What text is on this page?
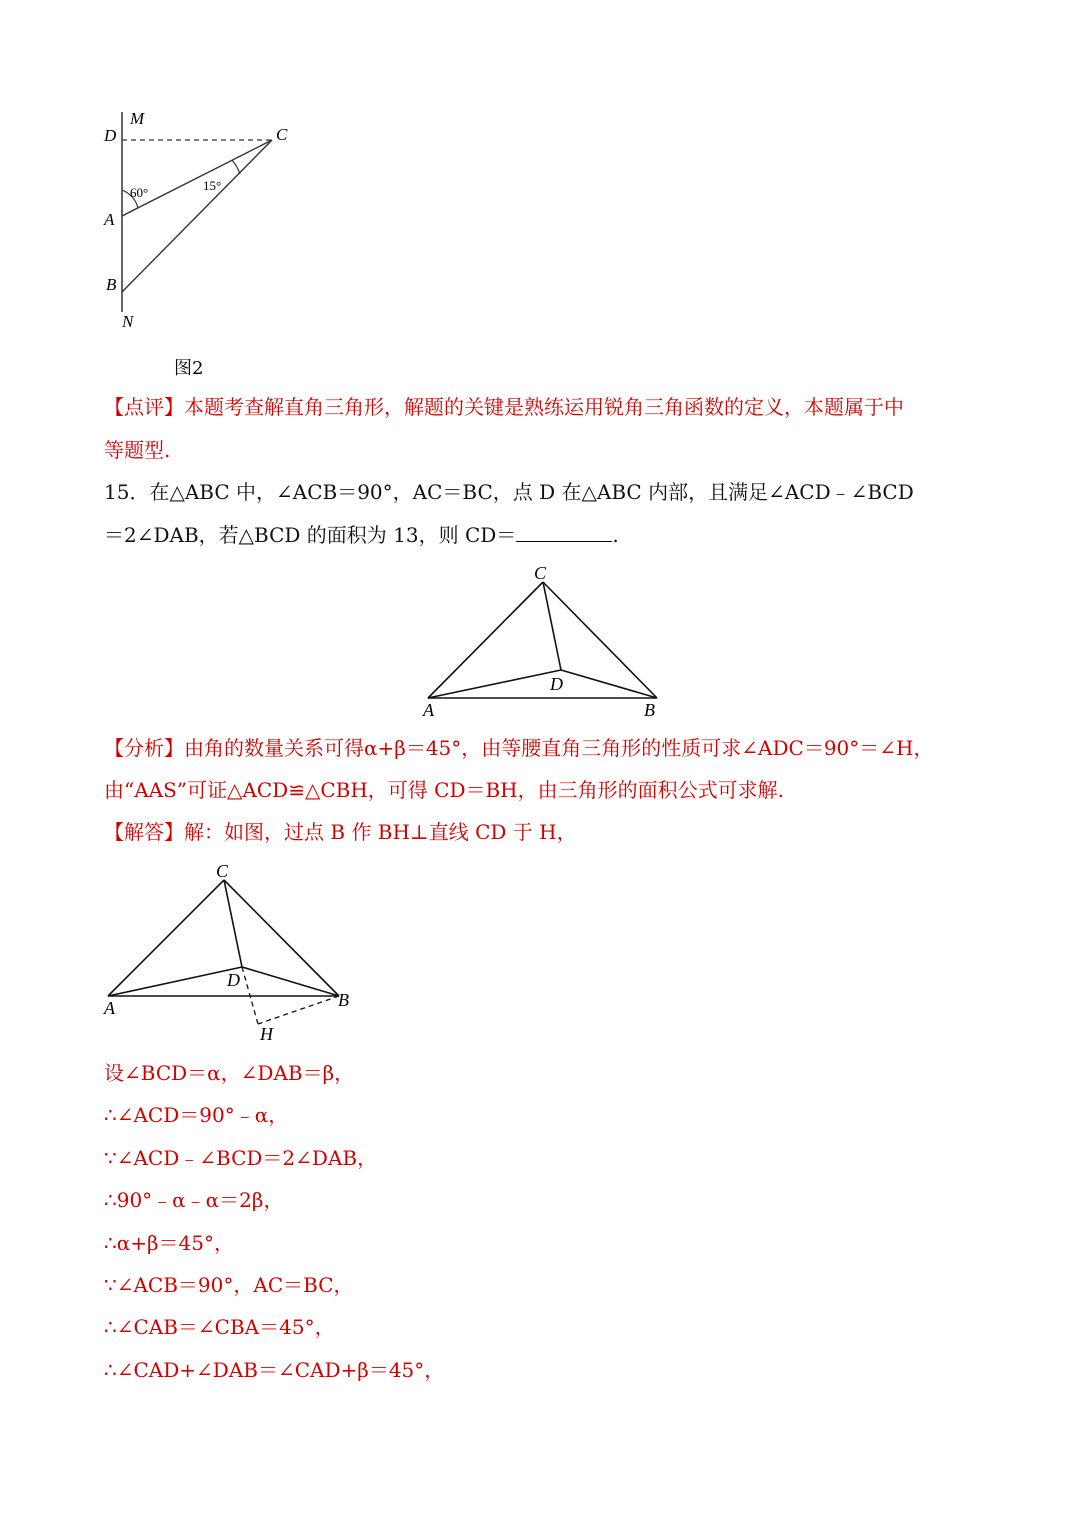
M
D	C
A
B
N
60°	15°
图2
【点评】本题考查解直角三角形，解题的关键是熟练运用锐角三角函数的定义，本题属于中
等题型.
15．在△ABC 中，∠ACB＝90°，AC＝BC，点 D 在△ABC 内部，且满足∠ACD﹣∠BCD
＝2∠DAB，若△BCD 的面积为 13，则 CD＝	.
C
D
A	B
【分析】由角的数量关系可得α+β＝45°，由等腰直角三角形的性质可求∠ADC＝90°＝∠H，
由“AAS”可证△ACD≌△CBH，可得 CD＝BH，由三角形的面积公式可求解.
【解答】解：如图，过点 B 作 BH⊥直线 CD 于 H，
C
D
A	B
H
设∠BCD＝α，∠DAB＝β，
∴∠ACD＝90°﹣α，
∵∠ACD﹣∠BCD＝2∠DAB，
∴90°﹣α﹣α＝2β，
∴α+β＝45°，
∵∠ACB＝90°，AC＝BC，
∴∠CAB＝∠CBA＝45°，
∴∠CAD+∠DAB＝∠CAD+β＝45°，
